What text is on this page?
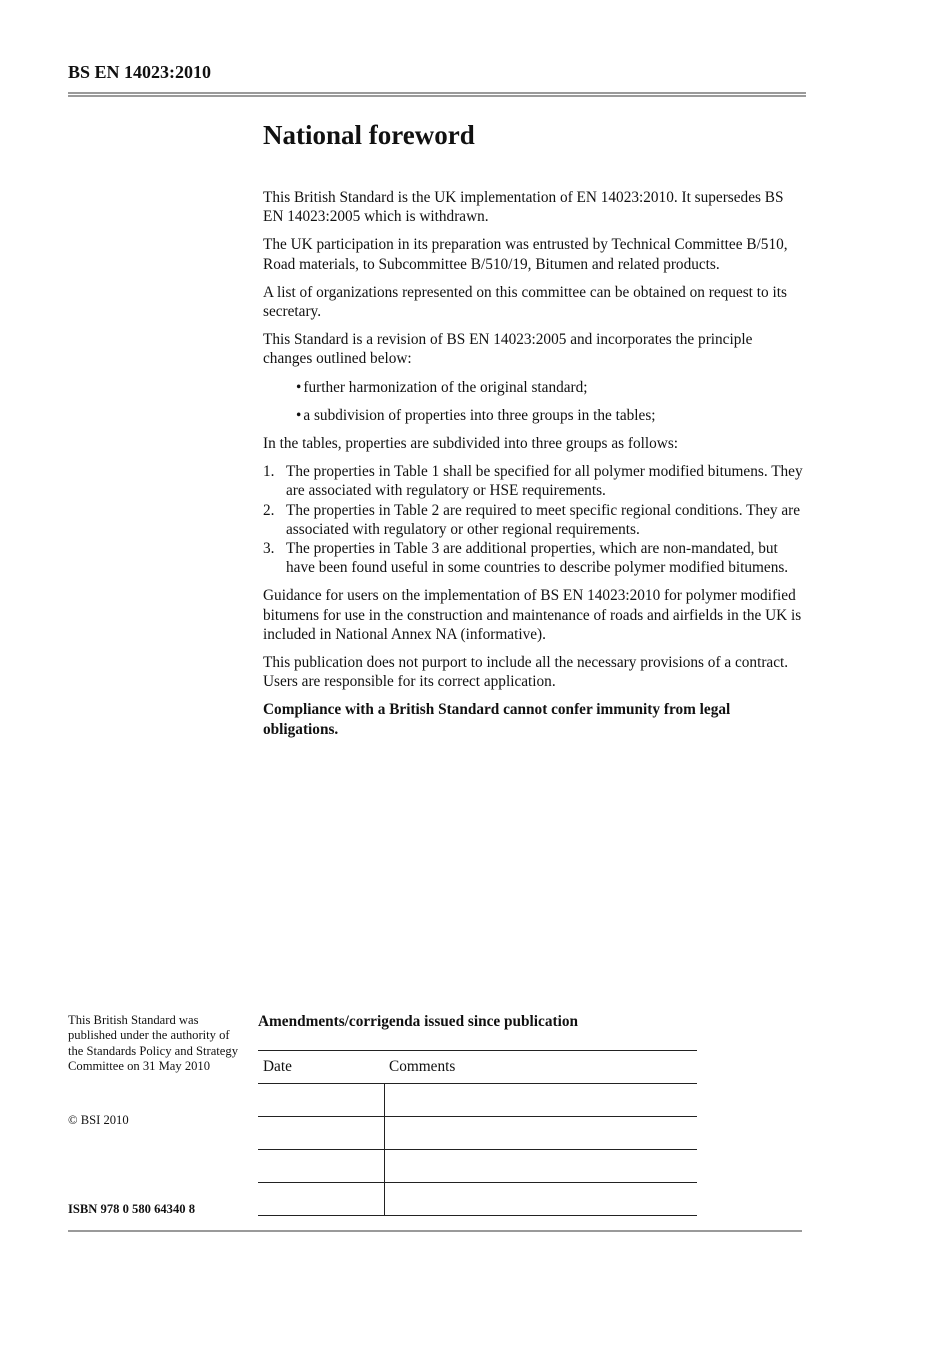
BS EN 14023:2010
National foreword

This British Standard is the UK implementation of EN 14023:2010. It supersedes BS EN 14023:2005 which is withdrawn.

The UK participation in its preparation was entrusted by Technical Committee B/510, Road materials, to Subcommittee B/510/19, Bitumen and related products.

A list of organizations represented on this committee can be obtained on request to its secretary.

This Standard is a revision of BS EN 14023:2005 and incorporates the principle changes outlined below:

• further harmonization of the original standard;
• a subdivision of properties into three groups in the tables;

In the tables, properties are subdivided into three groups as follows:

1. The properties in Table 1 shall be specified for all polymer modified bitumens. They are associated with regulatory or HSE requirements.
2. The properties in Table 2 are required to meet specific regional conditions. They are associated with regulatory or other regional requirements.
3. The properties in Table 3 are additional properties, which are non-mandated, but have been found useful in some countries to describe polymer modified bitumens.

Guidance for users on the implementation of BS EN 14023:2010 for polymer modified bitumens for use in the construction and maintenance of roads and airfields in the UK is included in National Annex NA (informative).

This publication does not purport to include all the necessary provisions of a contract. Users are responsible for its correct application.

Compliance with a British Standard cannot confer immunity from legal obligations.

This British Standard was published under the authority of the Standards Policy and Strategy Committee on 31 May 2010
© BSI 2010
ISBN 978 0 580 64340 8
Amendments/corrigenda issued since publication
Date	Comments
